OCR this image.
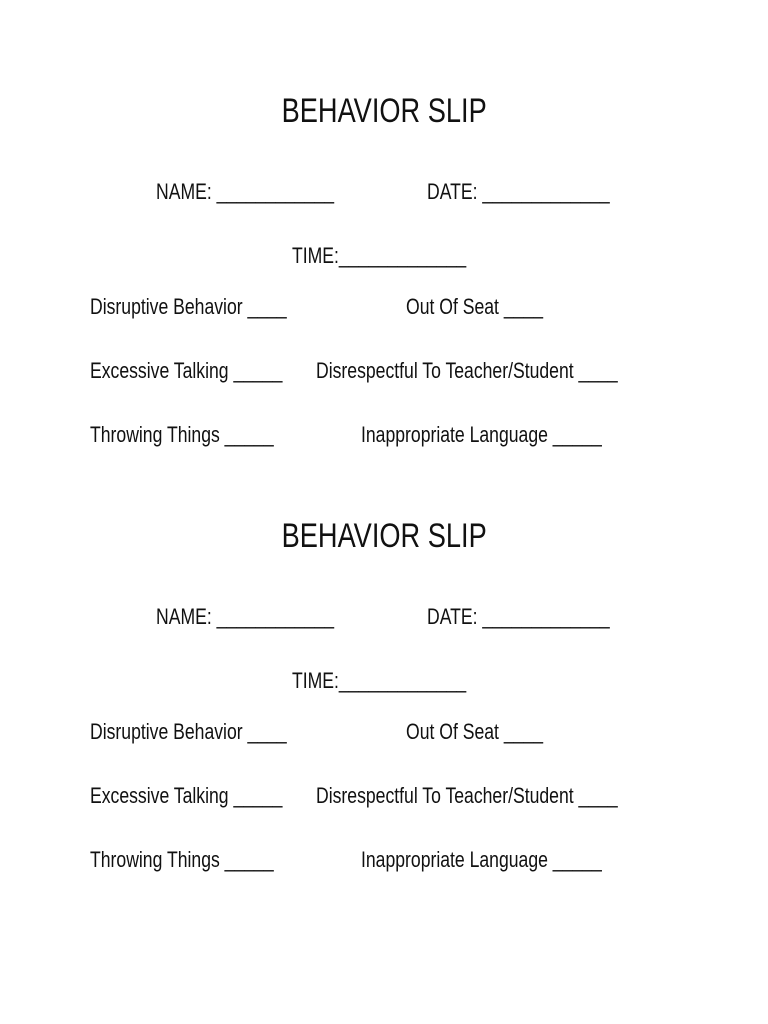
BEHAVIOR SLIP
NAME: ____________	DATE: _____________
TIME:_____________
Disruptive Behavior ____	Out Of Seat ____
Excessive Talking _____ Disrespectful To Teacher/Student ____
Throwing Things _____	Inappropriate Language _____
BEHAVIOR SLIP
NAME: ____________	DATE: _____________
TIME:_____________
Disruptive Behavior ____	Out Of Seat ____
Excessive Talking _____ Disrespectful To Teacher/Student ____
Throwing Things _____	Inappropriate Language _____
